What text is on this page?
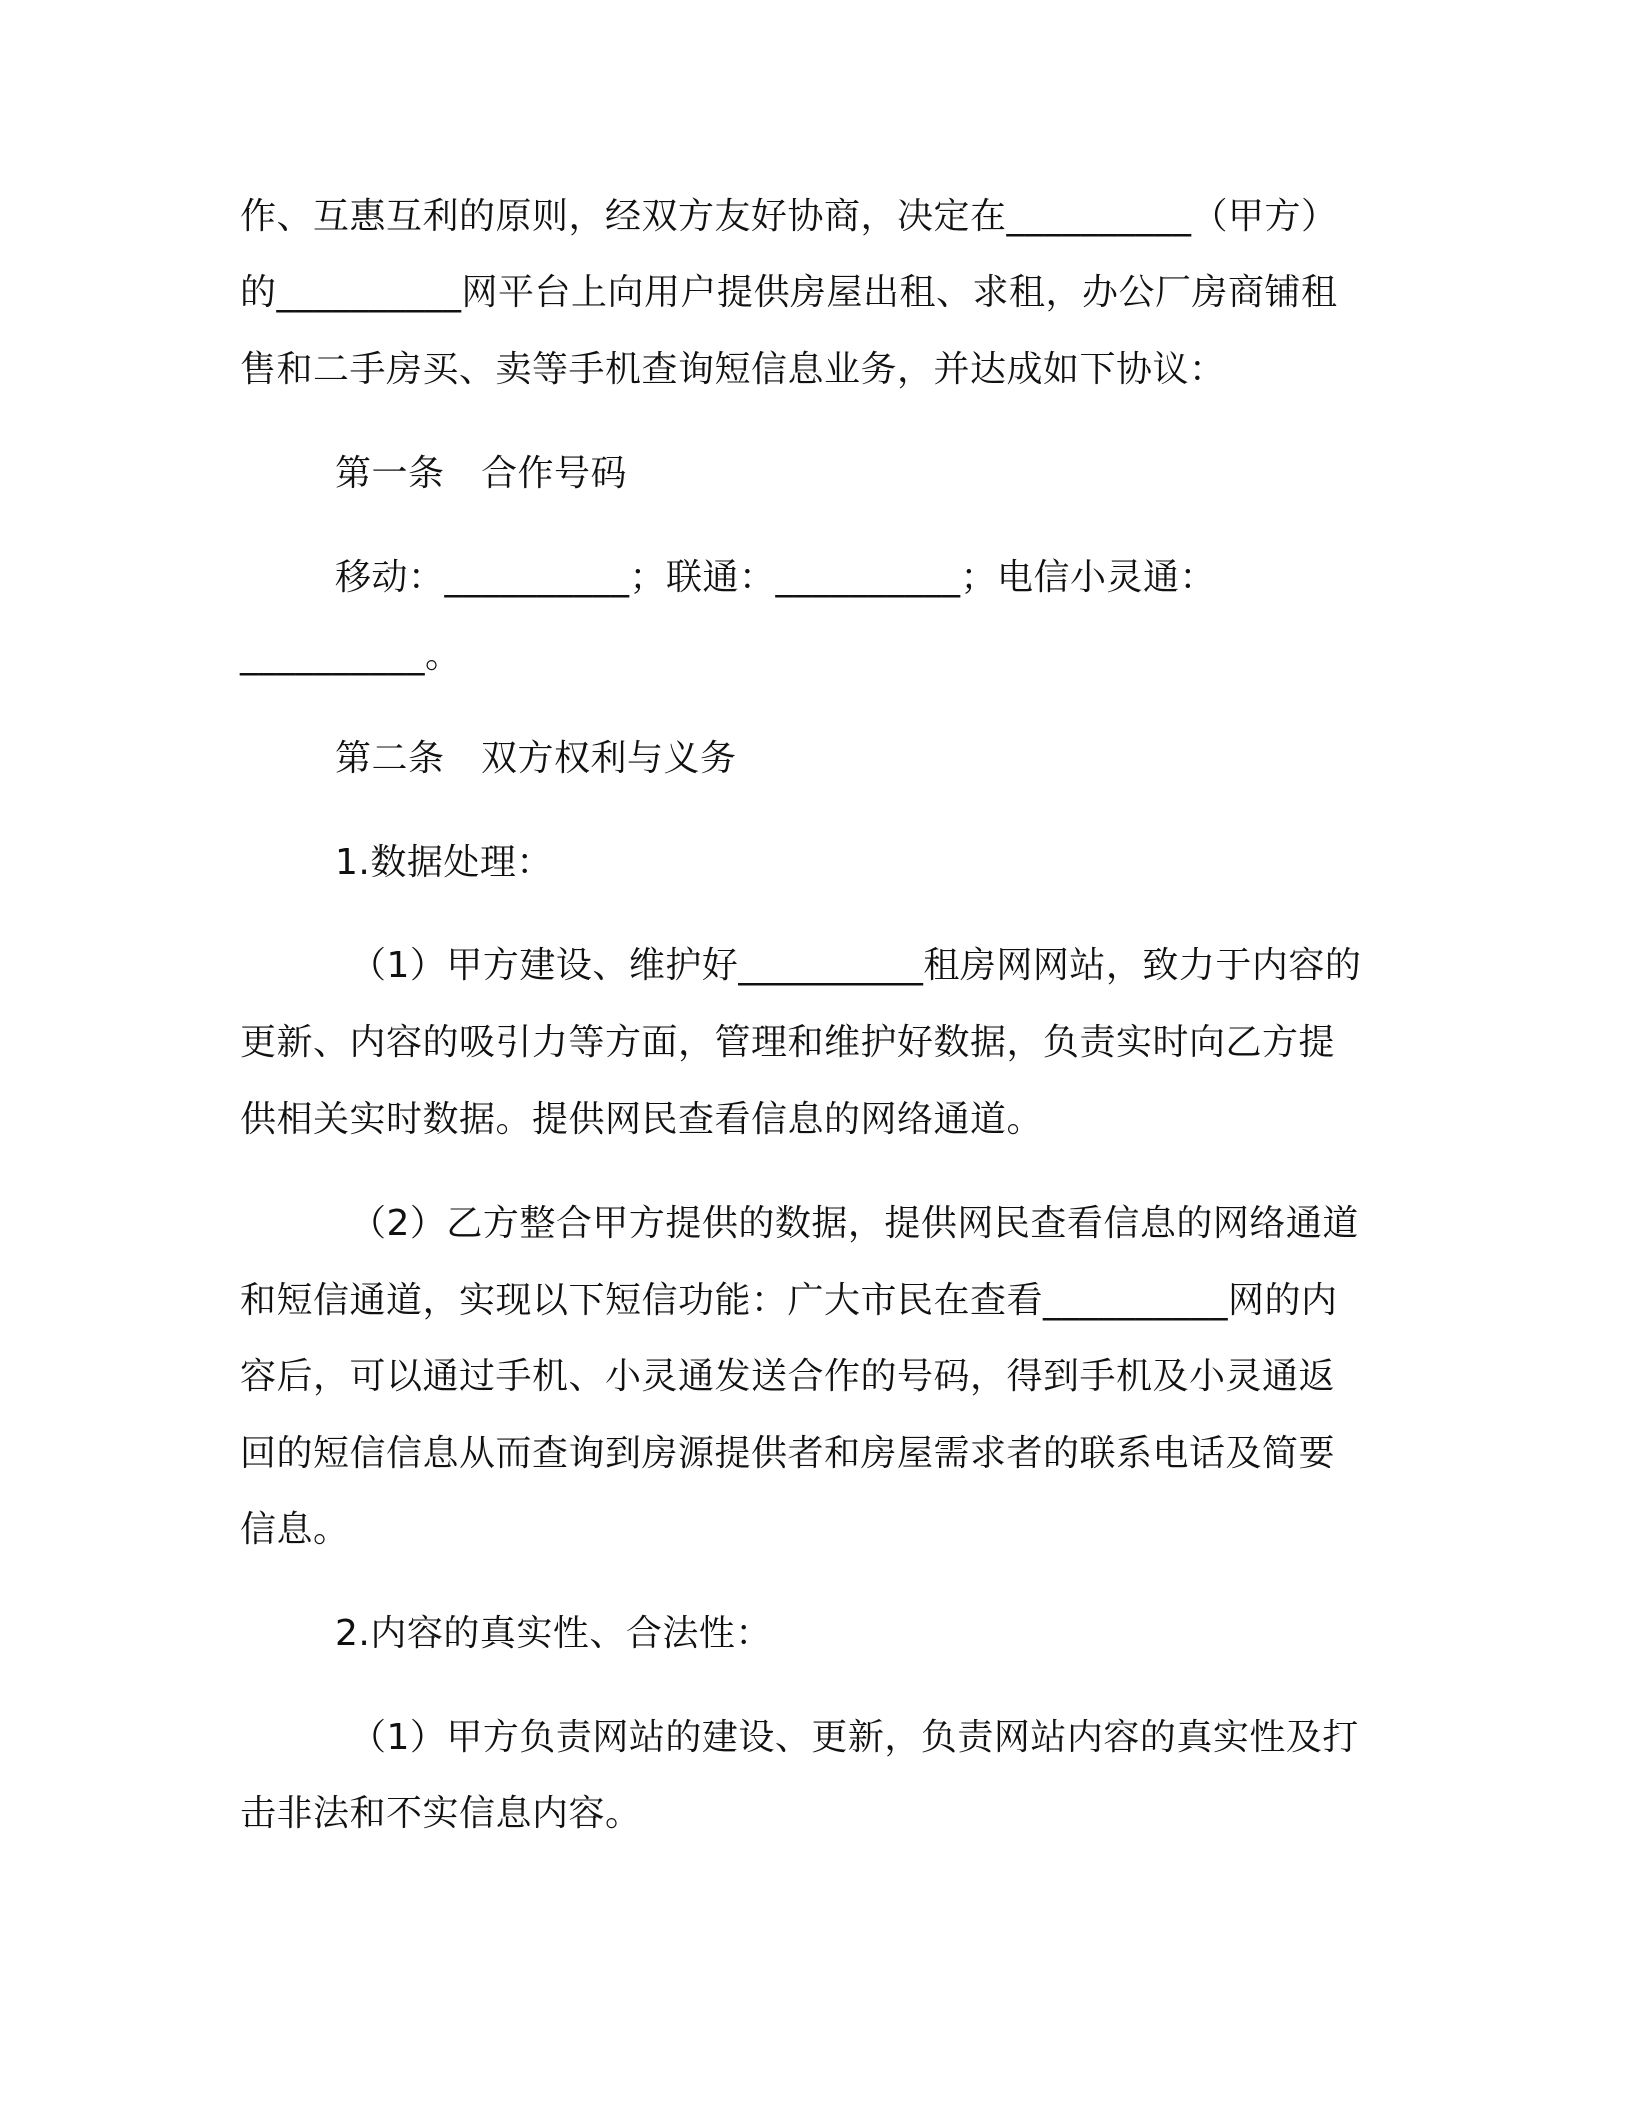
作、互惠互利的原则，经双方友好协商，决定在__________（甲方）

的__________网平台上向用户提供房屋出租、求租，办公厂房商铺租

售和二手房买、卖等手机查询短信息业务，并达成如下协议：

第一条　合作号码

移动：__________；联通：__________；电信小灵通：

__________。

第二条　双方权利与义务

1.数据处理：

（1）甲方建设、维护好__________租房网网站，致力于内容的

更新、内容的吸引力等方面，管理和维护好数据，负责实时向乙方提

供相关实时数据。提供网民查看信息的网络通道。

（2）乙方整合甲方提供的数据，提供网民查看信息的网络通道

和短信通道，实现以下短信功能：广大市民在查看__________网的内

容后，可以通过手机、小灵通发送合作的号码，得到手机及小灵通返

回的短信信息从而查询到房源提供者和房屋需求者的联系电话及简要

信息。

2.内容的真实性、合法性：

（1）甲方负责网站的建设、更新，负责网站内容的真实性及打

击非法和不实信息内容。
